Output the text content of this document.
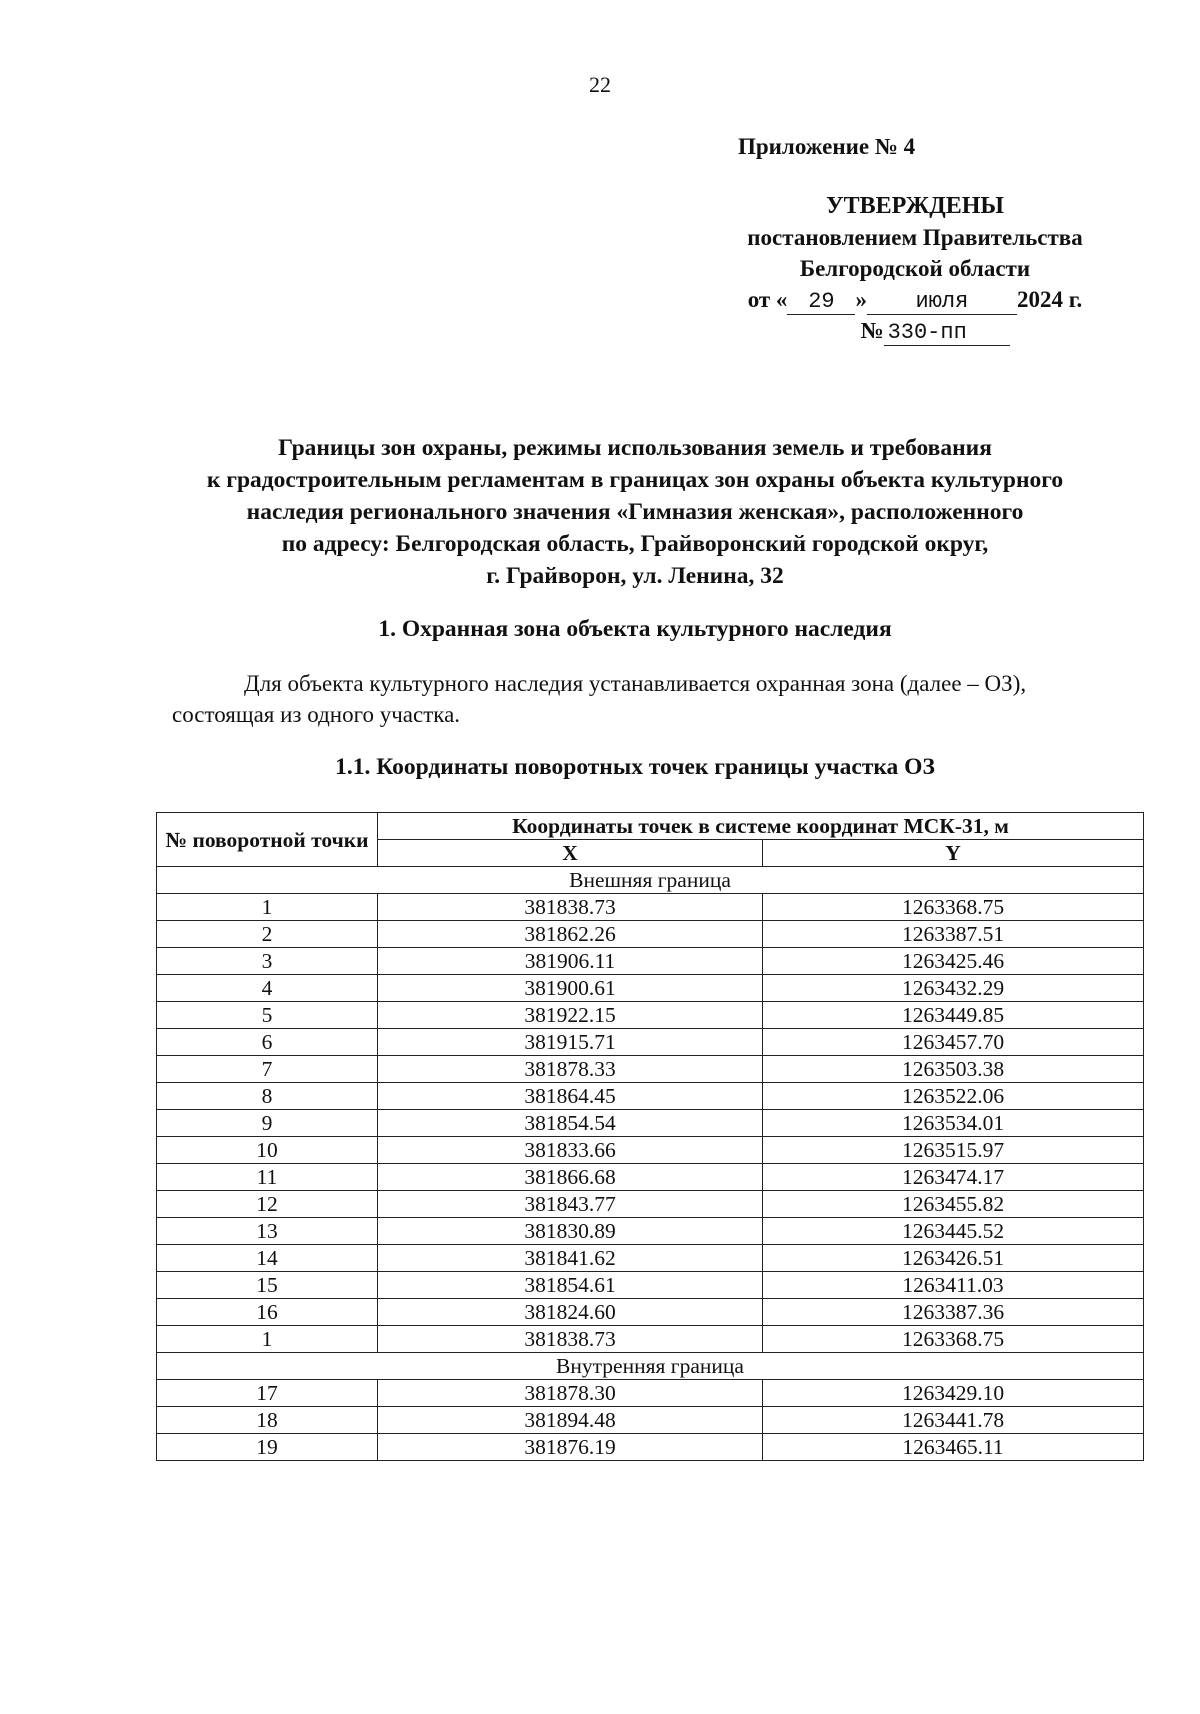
22
Приложение № 4
УТВЕРЖДЕНЫ
постановлением Правительства
Белгородской области
от « 29 »	июля	2024 г.
№ 330-пп
Границы зон охраны, режимы использования земель и требования
к градостроительным регламентам в границах зон охраны объекта культурного
наследия регионального значения «Гимназия женская», расположенного
по адресу: Белгородская область, Грайворонский городской округ,
г. Грайворон, ул. Ленина, 32
1. Охранная зона объекта культурного наследия
Для объекта культурного наследия устанавливается охранная зона (далее – ОЗ),
состоящая из одного участка.
1.1. Координаты поворотных точек границы участка ОЗ
№ поворотной точки	Координаты точек в системе координат МСК-31, м	
	X	Y
Внешняя граница		
1	381838.73	1263368.75
2	381862.26	1263387.51
3	381906.11	1263425.46
4	381900.61	1263432.29
5	381922.15	1263449.85
6	381915.71	1263457.70
7	381878.33	1263503.38
8	381864.45	1263522.06
9	381854.54	1263534.01
10	381833.66	1263515.97
11	381866.68	1263474.17
12	381843.77	1263455.82
13	381830.89	1263445.52
14	381841.62	1263426.51
15	381854.61	1263411.03
16	381824.60	1263387.36
1	381838.73	1263368.75
Внутренняя граница		
17	381878.30	1263429.10
18	381894.48	1263441.78
19	381876.19	1263465.11
